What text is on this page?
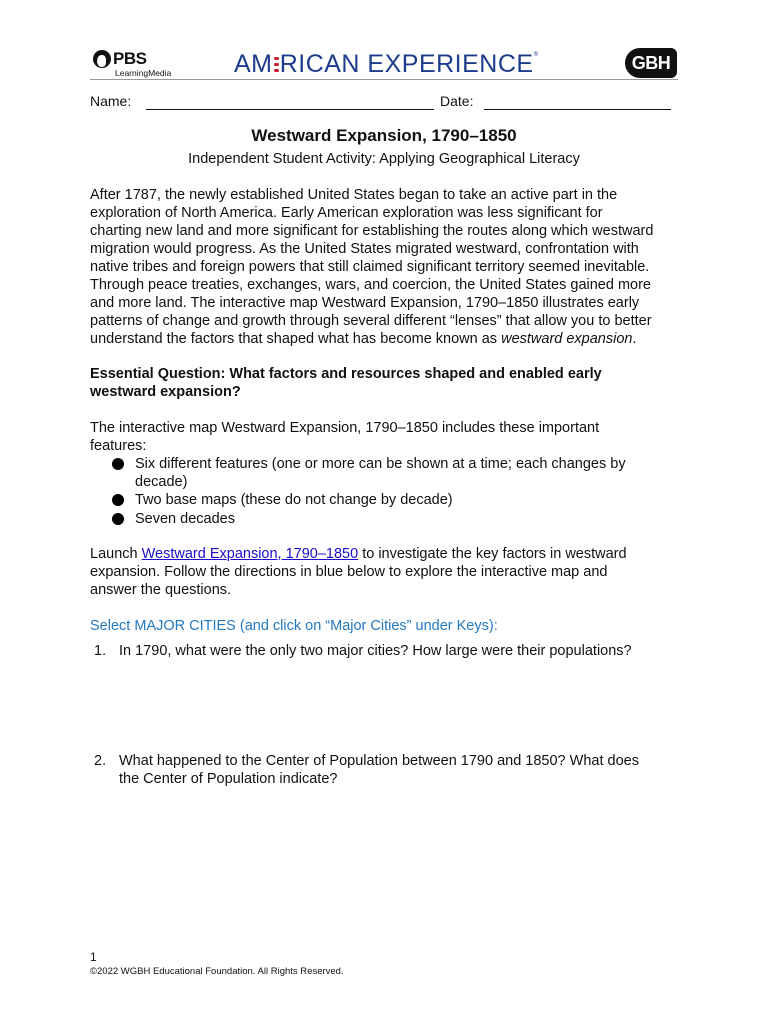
PBS
LearningMedia	AM RICAN EXPERIENCE ®	GBH
Name:	Date:
Westward Expansion, 1790–1850
Independent Student Activity: Applying Geographical Literacy
After 1787, the newly established United States began to take an active part in the
exploration of North America. Early American exploration was less significant for
charting new land and more significant for establishing the routes along which westward
migration would progress. As the United States migrated westward, confrontation with
native tribes and foreign powers that still claimed significant territory seemed inevitable.
Through peace treaties, exchanges, wars, and coercion, the United States gained more
and more land. The interactive map Westward Expansion, 1790–1850 illustrates early
patterns of change and growth through several different “lenses” that allow you to better
understand the factors that shaped what has become known as westward expansion.
Essential Question: What factors and resources shaped and enabled early
westward expansion?
The interactive map Westward Expansion, 1790–1850 includes these important
features:
Six different features (one or more can be shown at a time; each changes by
decade)
Two base maps (these do not change by decade)
Seven decades
Launch Westward Expansion, 1790–1850 to investigate the key factors in westward
expansion. Follow the directions in blue below to explore the interactive map and
answer the questions.
Select MAJOR CITIES (and click on “Major Cities” under Keys):
1. In 1790, what were the only two major cities? How large were their populations?
2. What happened to the Center of Population between 1790 and 1850? What does
the Center of Population indicate?
1
©2022 WGBH Educational Foundation. All Rights Reserved.
